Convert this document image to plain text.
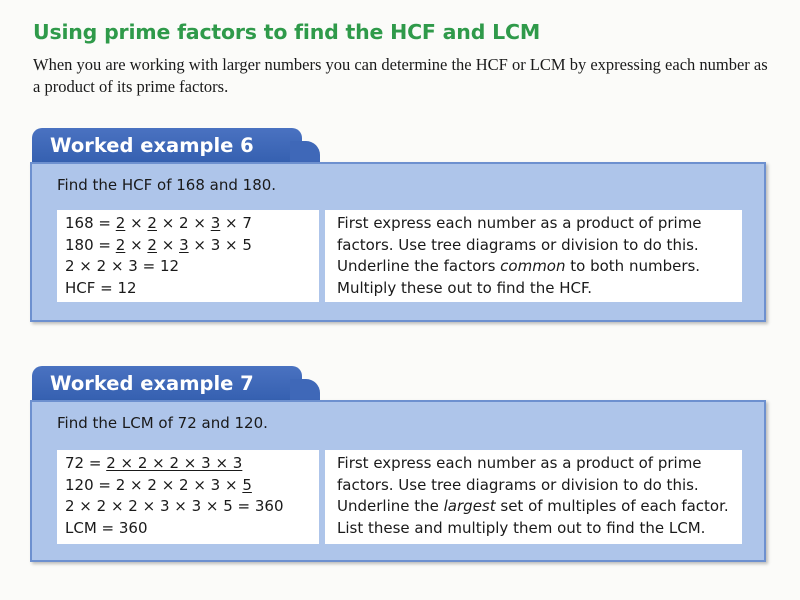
Using prime factors to find the HCF and LCM

When you are working with larger numbers you can determine the HCF or LCM by expressing each number as a product of its prime factors.

Worked example 6
Find the HCF of 168 and 180.
168 = 2 × 2 × 2 × 3 × 7
180 = 2 × 2 × 3 × 3 × 5
2 × 2 × 3 = 12
HCF = 12
First express each number as a product of prime
factors. Use tree diagrams or division to do this.
Underline the factors common to both numbers.
Multiply these out to find the HCF.
Worked example 7
Find the LCM of 72 and 120.
72 = 2 × 2 × 2 × 3 × 3
120 = 2 × 2 × 2 × 3 × 5
2 × 2 × 2 × 3 × 3 × 5 = 360
LCM = 360
First express each number as a product of prime
factors. Use tree diagrams or division to do this.
Underline the largest set of multiples of each factor.
List these and multiply them out to find the LCM.
